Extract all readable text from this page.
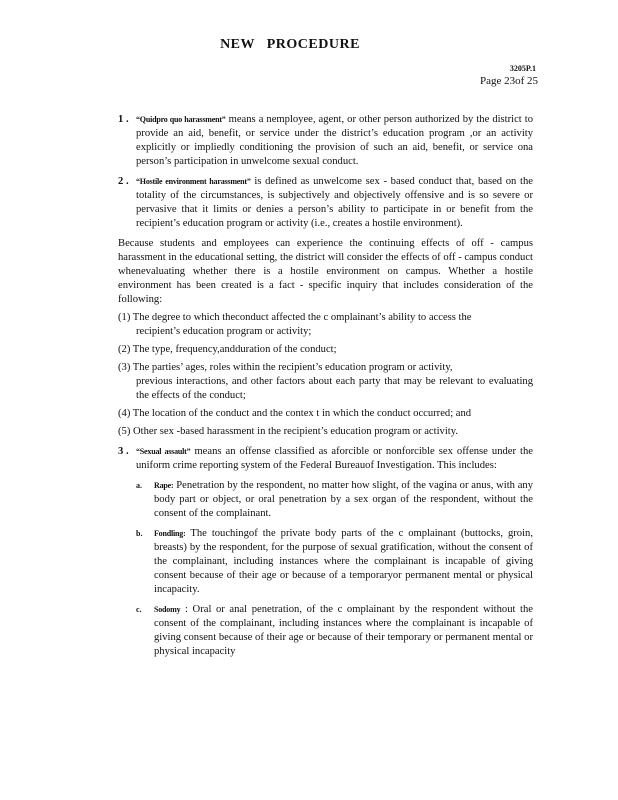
NEW PROCEDURE
3205P.1
Page 23of 25
1 . “Quidpro quo harassment” means a nemployee, agent, or other person authorized by the district to provide an aid, benefit, or service under the district’s education program ,or an activity explicitly or impliedly conditioning the provision of such an aid, benefit, or service ona person’s participation in unwelcome sexual conduct.
2 . “Hostile environment harassment” is defined as unwelcome sex - based conduct that, based on the totality of the circumstances, is subjectively and objectively offensive and is so severe or pervasive that it limits or denies a person’s ability to participate in or benefit from the recipient’s education program or activity (i.e., creates a hostile environment).

Because students and employees can experience the continuing effects of off - campus harassment in the educational setting, the district will consider the effects of off - campus conduct whenevaluating whether there is a hostile environment on campus. Whether a hostile environment has been created is a fact - specific inquiry that includes consideration of the following:

(1) The degree to which theconduct affected the c omplainant’s ability to access the
recipient’s education program or activity;
(2) The type, frequency,andduration of the conduct;
(3) The parties’ ages, roles within the recipient’s education program or activity,
previous interactions, and other factors about each party that may be relevant to evaluating the effects of the conduct;
(4) The location of the conduct and the contex t in which the conduct occurred; and
(5) Other sex -based harassment in the recipient’s education program or activity.
3 . “Sexual assault” means an offense classified as aforcible or nonforcible sex offense under the uniform crime reporting system of the Federal Bureauof Investigation. This includes:
a. Rape: Penetration by the respondent, no matter how slight, of the vagina or anus, with any body part or object, or oral penetration by a sex organ of the respondent, without the consent of the complainant.
b. Fondling: The touchingof the private body parts of the c omplainant (buttocks, groin, breasts) by the respondent, for the purpose of sexual gratification, without the consent of the complainant, including instances where the complainant is incapable of giving consent because of their age or because of a temporaryor permanent mental or physical incapacity.
c. Sodomy : Oral or anal penetration, of the c omplainant by the respondent without the consent of the complainant, including instances where the complainant is incapable of giving consent because of their age or because of their temporary or permanent mental or physical incapacity
